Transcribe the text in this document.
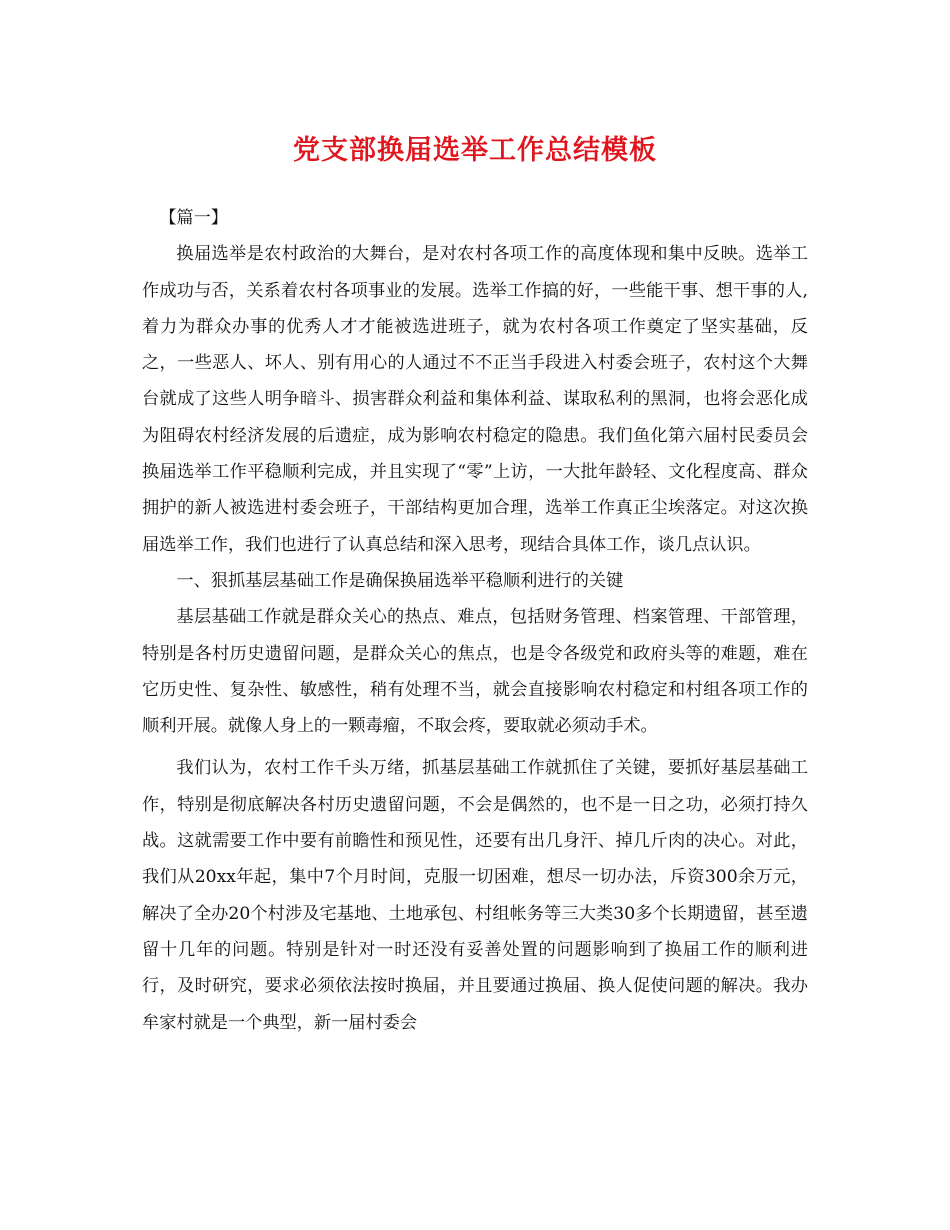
党支部换届选举工作总结模板

【篇一】

换届选举是农村政治的大舞台，是对农村各项工作的高度体现和集中反映。选举工作成功与否，关系着农村各项事业的发展。选举工作搞的好，一些能干事、想干事的人,着力为群众办事的优秀人才才能被选进班子，就为农村各项工作奠定了坚实基础，反之，一些恶人、坏人、别有用心的人通过不不正当手段进入村委会班子，农村这个大舞台就成了这些人明争暗斗、损害群众利益和集体利益、谋取私利的黑洞，也将会恶化成为阻碍农村经济发展的后遗症，成为影响农村稳定的隐患。我们鱼化第六届村民委员会换届选举工作平稳顺利完成，并且实现了“零”上访，一大批年龄轻、文化程度高、群众拥护的新人被选进村委会班子，干部结构更加合理，选举工作真正尘埃落定。对这次换届选举工作，我们也进行了认真总结和深入思考，现结合具体工作，谈几点认识。

一、狠抓基层基础工作是确保换届选举平稳顺利进行的关键

基层基础工作就是群众关心的热点、难点，包括财务管理、档案管理、干部管理，特别是各村历史遗留问题，是群众关心的焦点，也是令各级党和政府头等的难题，难在它历史性、复杂性、敏感性，稍有处理不当，就会直接影响农村稳定和村组各项工作的顺利开展。就像人身上的一颗毒瘤，不取会疼，要取就必须动手术。

我们认为，农村工作千头万绪，抓基层基础工作就抓住了关键，要抓好基层基础工作，特别是彻底解决各村历史遗留问题，不会是偶然的，也不是一日之功，必须打持久战。这就需要工作中要有前瞻性和预见性，还要有出几身汗、掉几斤肉的决心。对此，我们从20xx年起，集中7个月时间，克服一切困难，想尽一切办法，斥资300余万元，解决了全办20个村涉及宅基地、土地承包、村组帐务等三大类30多个长期遗留，甚至遗留十几年的问题。特别是针对一时还没有妥善处置的问题影响到了换届工作的顺利进行，及时研究，要求必须依法按时换届，并且要通过换届、换人促使问题的解决。我办牟家村就是一个典型，新一届村委会
